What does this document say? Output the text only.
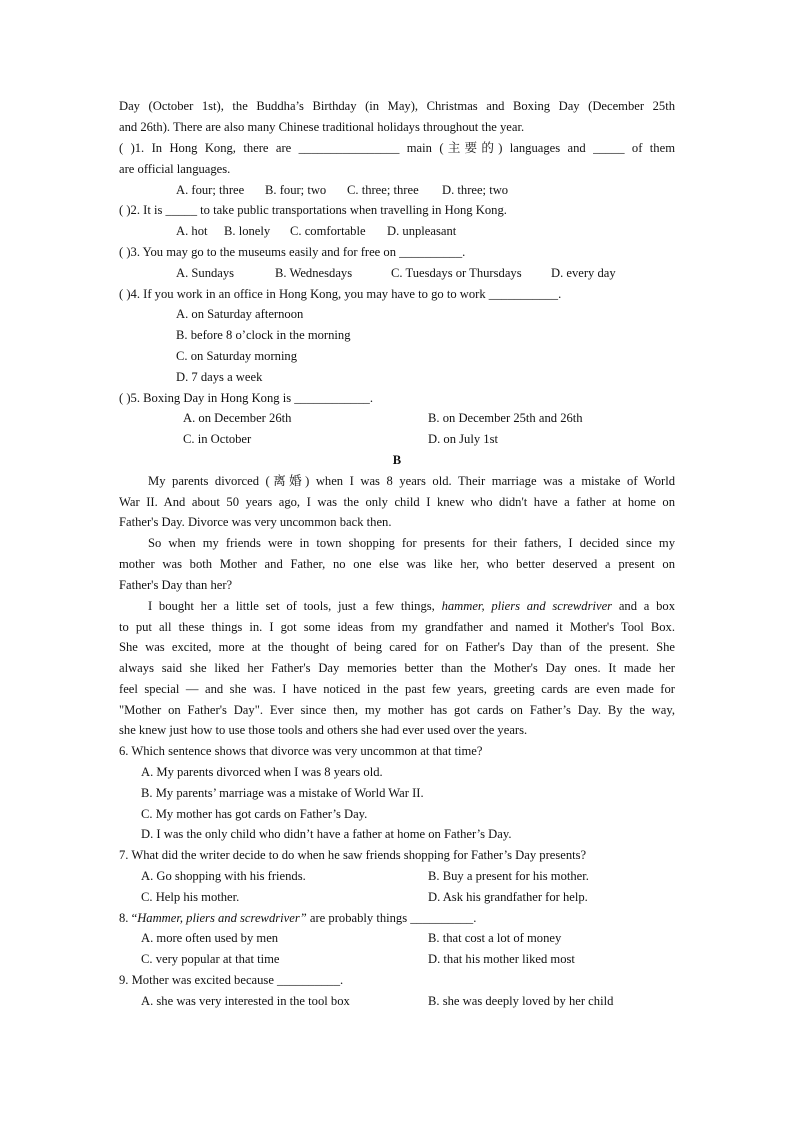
Day (October 1st), the Buddha’s Birthday (in May), Christmas and Boxing Day (December 25th
and 26th). There are also many Chinese traditional holidays throughout the year.
( )1. In Hong Kong, there are ________________ main (主要的) languages and _____ of them
are official languages.
A. four; three B. four; two C. three; three D. three; two
( )2. It is _____ to take public transportations when travelling in Hong Kong.
A. hot B. lonely C. comfortable D. unpleasant
( )3. You may go to the museums easily and for free on __________.
A. Sundays	B. Wednesdays	C. Tuesdays or Thursdays D. every day
( )4. If you work in an office in Hong Kong, you may have to go to work ___________.
A. on Saturday afternoon
B. before 8 o’clock in the morning
C. on Saturday morning
D. 7 days a week
( )5. Boxing Day in Hong Kong is ____________.
A. on December 26th	B. on December 25th and 26th
C. in October	D. on July 1st
B
My parents divorced (离婚) when I was 8 years old. Their marriage was a mistake of World
War II. And about 50 years ago, I was the only child I knew who didn't have a father at home on
Father's Day. Divorce was very uncommon back then.
So when my friends were in town shopping for presents for their fathers, I decided since my
mother was both Mother and Father, no one else was like her, who better deserved a present on
Father's Day than her?
I bought her a little set of tools, just a few things, hammer, pliers and screwdriver and a box
to put all these things in. I got some ideas from my grandfather and named it Mother's Tool Box.
She was excited, more at the thought of being cared for on Father's Day than of the present. She
always said she liked her Father's Day memories better than the Mother's Day ones. It made her
feel special — and she was. I have noticed in the past few years, greeting cards are even made for
"Mother on Father's Day". Ever since then, my mother has got cards on Father’s Day. By the way,
she knew just how to use those tools and others she had ever used over the years.
6. Which sentence shows that divorce was very uncommon at that time?
A. My parents divorced when I was 8 years old.
B. My parents’ marriage was a mistake of World War II.
C. My mother has got cards on Father’s Day.
D. I was the only child who didn’t have a father at home on Father’s Day.
7. What did the writer decide to do when he saw friends shopping for Father’s Day presents?
A. Go shopping with his friends.	B. Buy a present for his mother.
C. Help his mother.	D. Ask his grandfather for help.
8. “Hammer, pliers and screwdriver” are probably things __________.
A. more often used by men	B. that cost a lot of money
C. very popular at that time	D. that his mother liked most
9. Mother was excited because __________.
A. she was very interested in the tool box	B. she was deeply loved by her child
